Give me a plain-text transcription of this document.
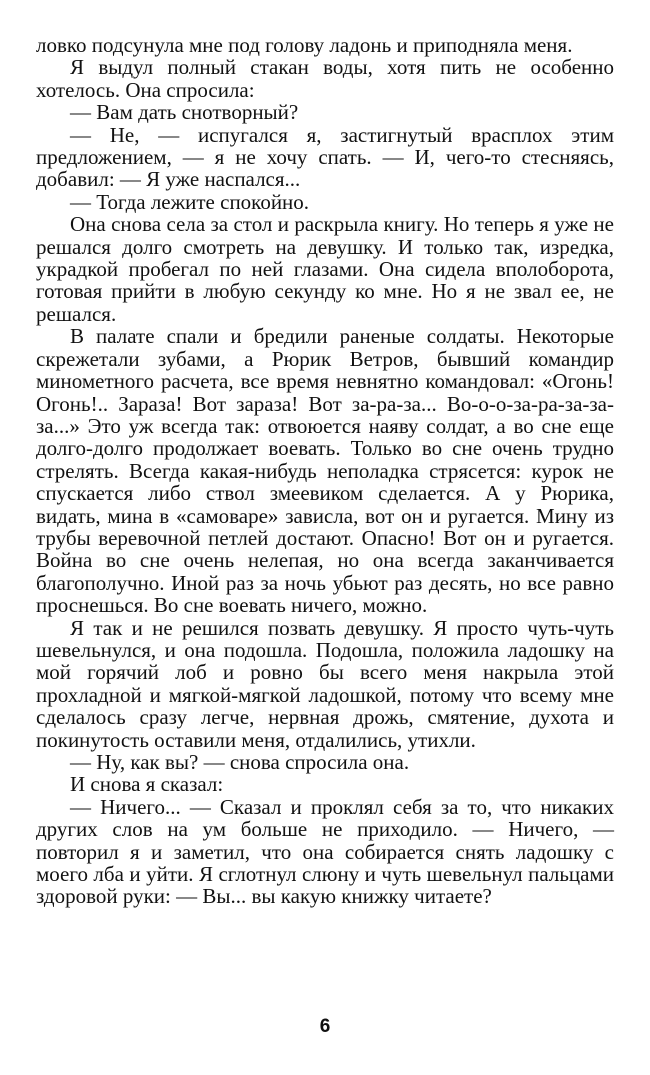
ловко подсунула мне под голову ладонь и приподняла меня.

Я выдул полный стакан воды, хотя пить не особенно хотелось. Она спросила:

— Вам дать снотворный?

— Не, — испугался я, застигнутый врасплох этим предложением, — я не хочу спать. — И, чего-то стесняясь, добавил: — Я уже наспался...

— Тогда лежите спокойно.

Она снова села за стол и раскрыла книгу. Но теперь я уже не решался долго смотреть на девушку. И только так, изредка, украдкой пробегал по ней глазами. Она сидела вполоборота, готовая прийти в любую секунду ко мне. Но я не звал ее, не решался.

В палате спали и бредили раненые солдаты. Некоторые скрежетали зубами, а Рюрик Ветров, бывший командир минометного расчета, все время невнятно командовал: «Огонь! Огонь!.. Зараза! Вот зараза! Вот за-ра-за... Во-о-о-за-ра-за-за-за...» Это уж всегда так: отвоюется наяву солдат, а во сне еще долго-долго продолжает воевать. Только во сне очень трудно стрелять. Всегда какая-нибудь неполадка стрясется: курок не спускается либо ствол змеевиком сделается. А у Рюрика, видать, мина в «самоваре» зависла, вот он и ругается. Мину из трубы веревочной петлей достают. Опасно! Вот он и ругается. Война во сне очень нелепая, но она всегда заканчивается благополучно. Иной раз за ночь убьют раз десять, но все равно проснешься. Во сне воевать ничего, можно.

Я так и не решился позвать девушку. Я просто чуть-чуть шевельнулся, и она подошла. Подошла, положила ладошку на мой горячий лоб и ровно бы всего меня накрыла этой прохладной и мягкой-мягкой ладошкой, потому что всему мне сделалось сразу легче, нервная дрожь, смятение, духота и покинутость оставили меня, отдалились, утихли.

— Ну, как вы? — снова спросила она.

И снова я сказал:

— Ничего... — Сказал и проклял себя за то, что никаких других слов на ум больше не приходило. — Ничего, — повторил я и заметил, что она собирается снять ладошку с моего лба и уйти. Я сглотнул слюну и чуть шевельнул пальцами здоровой руки: — Вы... вы какую книжку читаете?

6
